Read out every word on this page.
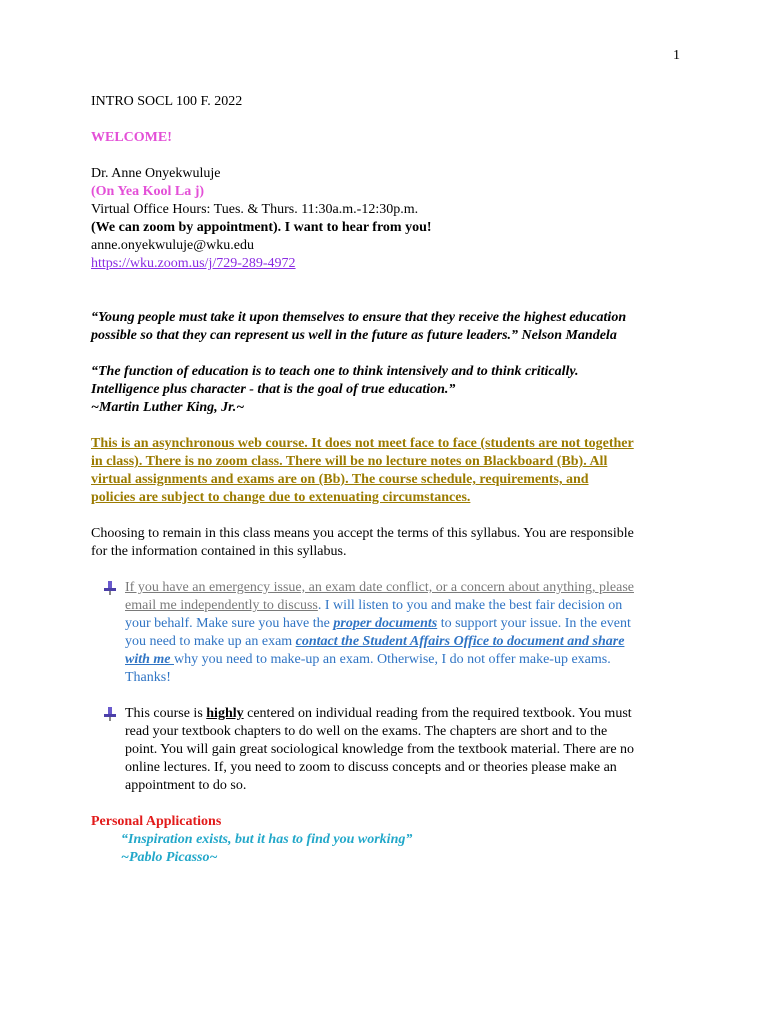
1

INTRO SOCL 100 F. 2022

WELCOME!

Dr. Anne Onyekwuluje

(On Yea Kool La j)

Virtual Office Hours: Tues. & Thurs. 11:30a.m.-12:30p.m.

(We can zoom by appointment). I want to hear from you!

anne.onyekwuluje@wku.edu

https://wku.zoom.us/j/729-289-4972

“Young people must take it upon themselves to ensure that they receive the highest education

possible so that they can represent us well in the future as future leaders.” Nelson Mandela

“The function of education is to teach one to think intensively and to think critically.

Intelligence plus character - that is the goal of true education.”

~Martin Luther King, Jr.~

This is an asynchronous web course. It does not meet face to face (students are not together

in class). There is no zoom class. There will be no lecture notes on Blackboard (Bb). All

virtual assignments and exams are on (Bb). The course schedule, requirements, and

policies are subject to change due to extenuating circumstances.

Choosing to remain in this class means you accept the terms of this syllabus. You are responsible

for the information contained in this syllabus.

If you have an emergency issue, an exam date conflict, or a concern about anything, please

email me independently to discuss. I will listen to you and make the best fair decision on

your behalf. Make sure you have the proper documents to support your issue. In the event

you need to make up an exam contact the Student Affairs Office to document and share

with me why you need to make-up an exam. Otherwise, I do not offer make-up exams.

Thanks!

This course is highly centered on individual reading from the required textbook. You must

read your textbook chapters to do well on the exams. The chapters are short and to the

point. You will gain great sociological knowledge from the textbook material. There are no

online lectures. If, you need to zoom to discuss concepts and or theories please make an

appointment to do so.

Personal Applications

“Inspiration exists, but it has to find you working”

~Pablo Picasso~
